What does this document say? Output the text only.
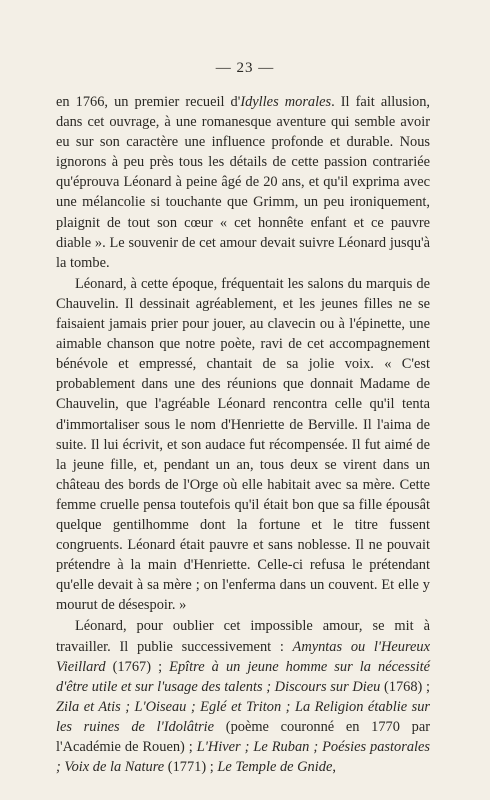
— 23 —

en 1766, un premier recueil d'Idylles morales. Il fait allusion, dans cet ouvrage, à une romanesque aventure qui semble avoir eu sur son caractère une influence profonde et durable. Nous ignorons à peu près tous les détails de cette passion contrariée qu'éprouva Léonard à peine âgé de 20 ans, et qu'il exprima avec une mélancolie si touchante que Grimm, un peu ironiquement, plaignit de tout son cœur « cet honnête enfant et ce pauvre diable ». Le souvenir de cet amour devait suivre Léonard jusqu'à la tombe.

Léonard, à cette époque, fréquentait les salons du marquis de Chauvelin. Il dessinait agréablement, et les jeunes filles ne se faisaient jamais prier pour jouer, au clavecin ou à l'épinette, une aimable chanson que notre poète, ravi de cet accompagnement bénévole et empressé, chantait de sa jolie voix. « C'est probablement dans une des réunions que donnait Madame de Chauvelin, que l'agréable Léonard rencontra celle qu'il tenta d'immortaliser sous le nom d'Henriette de Berville. Il l'aima de suite. Il lui écrivit, et son audace fut récompensée. Il fut aimé de la jeune fille, et, pendant un an, tous deux se virent dans un château des bords de l'Orge où elle habitait avec sa mère. Cette femme cruelle pensa toutefois qu'il était bon que sa fille épousât quelque gentilhomme dont la fortune et le titre fussent congruents. Léonard était pauvre et sans noblesse. Il ne pouvait prétendre à la main d'Henriette. Celle-ci refusa le prétendant qu'elle devait à sa mère ; on l'enferma dans un couvent. Et elle y mourut de désespoir. »

Léonard, pour oublier cet impossible amour, se mit à travailler. Il publie successivement : Amyntas ou l'Heureux Vieillard (1767) ; Epître à un jeune homme sur la nécessité d'être utile et sur l'usage des talents ; Discours sur Dieu (1768) ; Zila et Atis ; L'Oiseau ; Eglé et Triton ; La Religion établie sur les ruines de l'Idolâtrie (poème couronné en 1770 par l'Académie de Rouen) ; L'Hiver ; Le Ruban ; Poésies pastorales ; Voix de la Nature (1771) ; Le Temple de Gnide,
